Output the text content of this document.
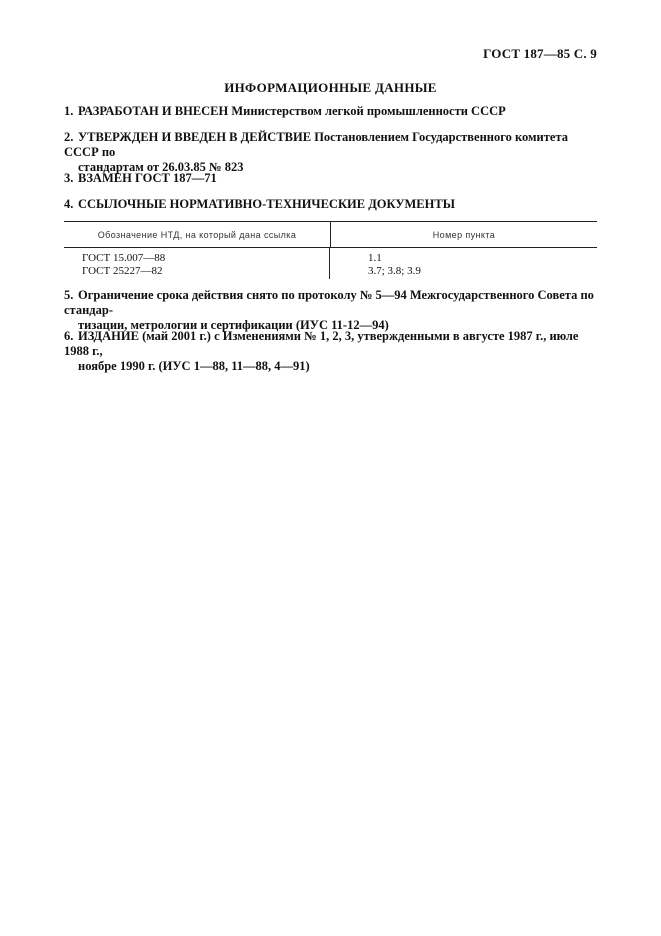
ГОСТ 187—85 С. 9
ИНФОРМАЦИОННЫЕ ДАННЫЕ
1. РАЗРАБОТАН И ВНЕСЕН Министерством легкой промышленности СССР
2. УТВЕРЖДЕН И ВВЕДЕН В ДЕЙСТВИЕ Постановлением Государственного комитета СССР по
стандартам от 26.03.85 № 823
3. ВЗАМЕН ГОСТ 187—71
4. ССЫЛОЧНЫЕ НОРМАТИВНО-ТЕХНИЧЕСКИЕ ДОКУМЕНТЫ
Обозначение НТД, на который дана ссылка	Номер пункта
ГОСТ 15.007—88
ГОСТ 25227—82
1.1
3.7; 3.8; 3.9
5. Ограничение срока действия снято по протоколу № 5—94 Межгосударственного Совета по стандар-
тизации, метрологии и сертификации (ИУС 11-12—94)
6. ИЗДАНИЕ (май 2001 г.) с Изменениями № 1, 2, 3, утвержденными в августе 1987 г., июле 1988 г.,
ноябре 1990 г. (ИУС 1—88, 11—88, 4—91)
